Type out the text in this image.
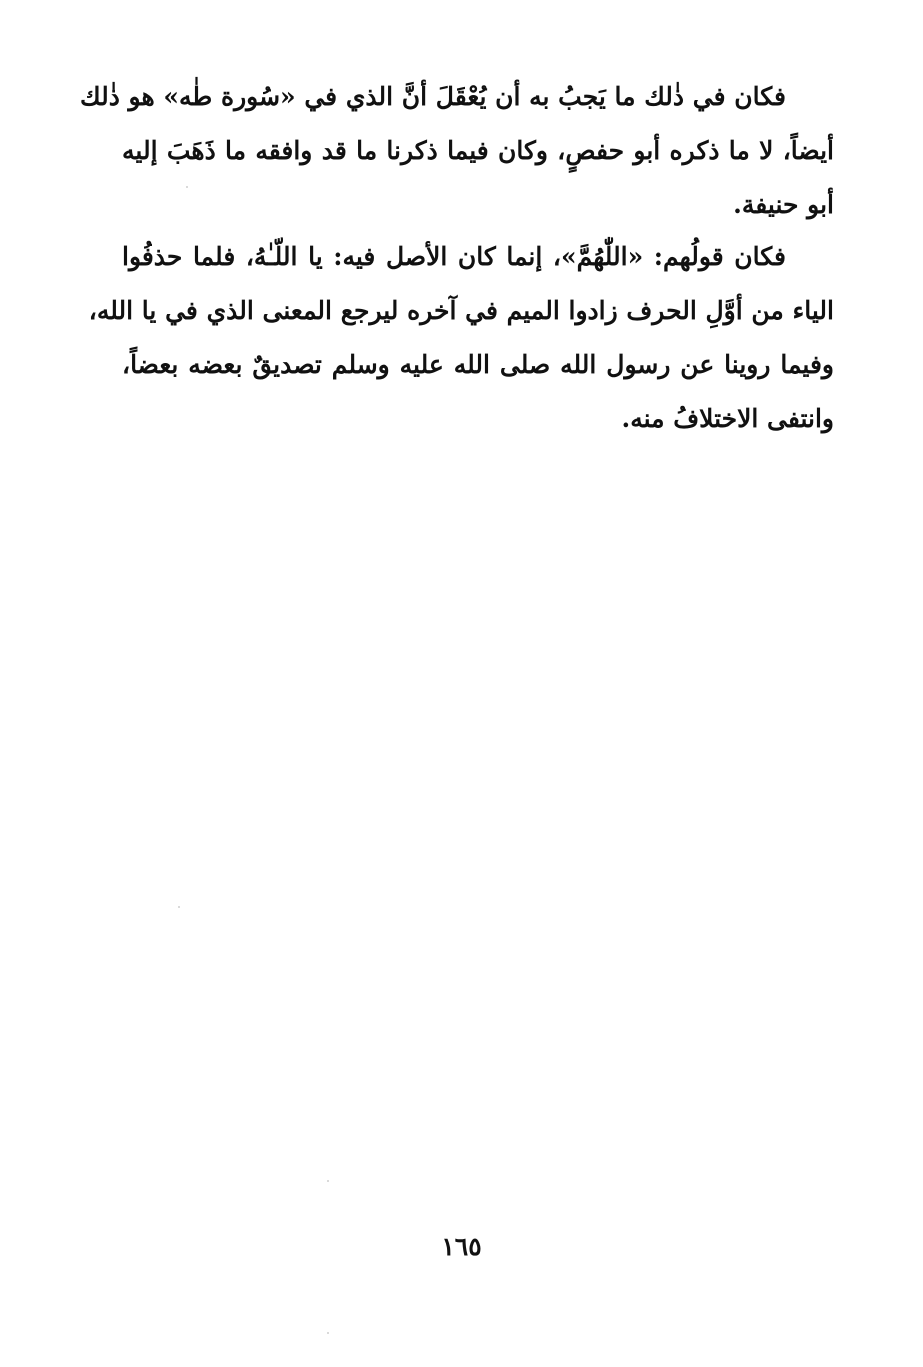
فكان في ذٰلك ما يَجبُ به أن يُعْقَلَ أنَّ الذي في «سُورة طٰه» هو ذٰلك
أيضاً، لا ما ذكره أبو حفصٍ، وكان فيما ذكرنا ما قد وافقه ما ذَهَبَ إليه
أبو حنيفة.
فكان قولُهم: «اللّٰهُمَّ»، إنما كان الأصل فيه: يا اللّـٰهُ، فلما حذفُوا
الياء من أوَّلِ الحرف زادوا الميم في آخره ليرجع المعنى الذي في يا الله،
وفيما روينا عن رسول الله صلى الله عليه وسلم تصديقٌ بعضه بعضاً،
وانتفى الاختلافُ منه.
١٦٥
